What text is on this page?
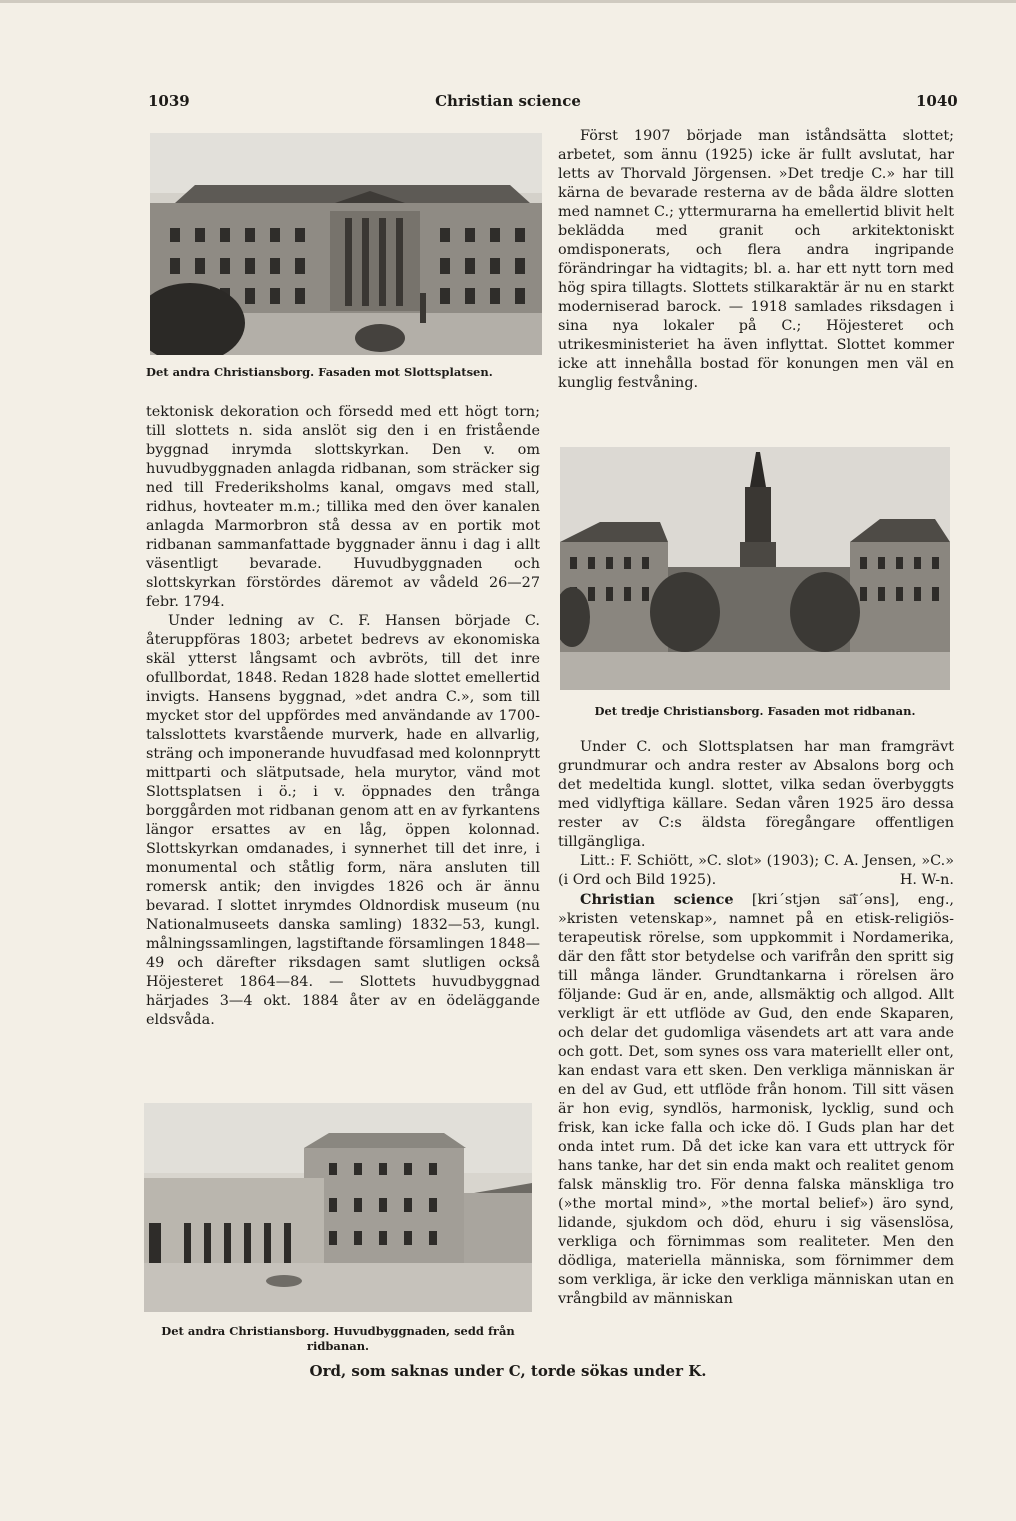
1039	Christian science	1040
Det andra Christiansborg. Fasaden mot Slottsplatsen.

tektonisk dekoration och försedd med ett högt torn; till slottets n. sida anslöt sig den i en fristående byggnad inrymda slottskyrkan. Den v. om huvudbyggnaden anlagda ridbanan, som sträcker sig ned till Frederiksholms kanal, omgavs med stall, ridhus, hovteater m.m.; tillika med den över kanalen anlagda Marmorbron stå dessa av en portik mot ridbanan sammanfattade byggnader ännu i dag i allt väsentligt bevarade. Huvudbyggnaden och slottskyrkan förstördes däremot av vådeld 26—27 febr. 1794.

Under ledning av C. F. Hansen började C. återuppföras 1803; arbetet bedrevs av ekonomiska skäl ytterst långsamt och avbröts, till det inre ofullbordat, 1848. Redan 1828 hade slottet emellertid invigts. Hansens byggnad, »det andra C.», som till mycket stor del uppfördes med användande av 1700-talsslottets kvarstående murverk, hade en allvarlig, sträng och imponerande huvudfasad med kolonnprytt mittparti och slätputsade, hela murytor, vänd mot Slottsplatsen i ö.; i v. öppnades den trånga borggården mot ridbanan genom att en av fyrkantens längor ersattes av en låg, öppen kolonnad. Slottskyrkan omdanades, i synnerhet till det inre, i monumental och ståtlig form, nära ansluten till romersk antik; den invigdes 1826 och är ännu bevarad. I slottet inrymdes Oldnordisk museum (nu Nationalmuseets danska samling) 1832—53, kungl. målningssamlingen, lagstiftande församlingen 1848—49 och därefter riksdagen samt slutligen också Höjesteret 1864—84. — Slottets huvudbyggnad härjades 3—4 okt. 1884 åter av en ödeläggande eldsvåda.

Det andra Christiansborg. Huvudbyggnaden, sedd från ridbanan.

Först 1907 började man iståndsätta slottet; arbetet, som ännu (1925) icke är fullt avslutat, har letts av Thorvald Jörgensen. »Det tredje C.» har till kärna de bevarade resterna av de båda äldre slotten med namnet C.; yttermurarna ha emellertid blivit helt beklädda med granit och arkitektoniskt omdisponerats, och flera andra ingripande förändringar ha vidtagits; bl. a. har ett nytt torn med hög spira tillagts. Slottets stilkaraktär är nu en starkt moderniserad barock. — 1918 samlades riksdagen i sina nya lokaler på C.; Höjesteret och utrikesministeriet ha även inflyttat. Slottet kommer icke att innehålla bostad för konungen men väl en kunglig festvåning.

Det tredje Christiansborg. Fasaden mot ridbanan.

Under C. och Slottsplatsen har man framgrävt grundmurar och andra rester av Absalons borg och det medeltida kungl. slottet, vilka sedan överbyggts med vidlyftiga källare. Sedan våren 1925 äro dessa rester av C:s äldsta föregångare offentligen tillgängliga.

Litt.: F. Schiött, »C. slot» (1903); C. A. Jensen, »C.» (i Ord och Bild 1925).	H. W-n.

Christian science [kri´stjən sa͞i´əns], eng., »kristen vetenskap», namnet på en etisk-religiös-terapeutisk rörelse, som uppkommit i Nordamerika, där den fått stor betydelse och varifrån den spritt sig till många länder. Grundtankarna i rörelsen äro följande: Gud är en, ande, allsmäktig och allgod. Allt verkligt är ett utflöde av Gud, den ende Skaparen, och delar det gudomliga väsendets art att vara ande och gott. Det, som synes oss vara materiellt eller ont, kan endast vara ett sken. Den verkliga människan är en del av Gud, ett utflöde från honom. Till sitt väsen är hon evig, syndlös, harmonisk, lycklig, sund och frisk, kan icke falla och icke dö. I Guds plan har det onda intet rum. Då det icke kan vara ett uttryck för hans tanke, har det sin enda makt och realitet genom falsk mänsklig tro. För denna falska mänskliga tro (»the mortal mind», »the mortal belief») äro synd, lidande, sjukdom och död, ehuru i sig väsenslösa, verkliga och förnimmas som realiteter. Men den dödliga, materiella människa, som förnimmer dem som verkliga, är icke den verkliga människan utan en vrångbild av människan

Ord, som saknas under C, torde sökas under K.
